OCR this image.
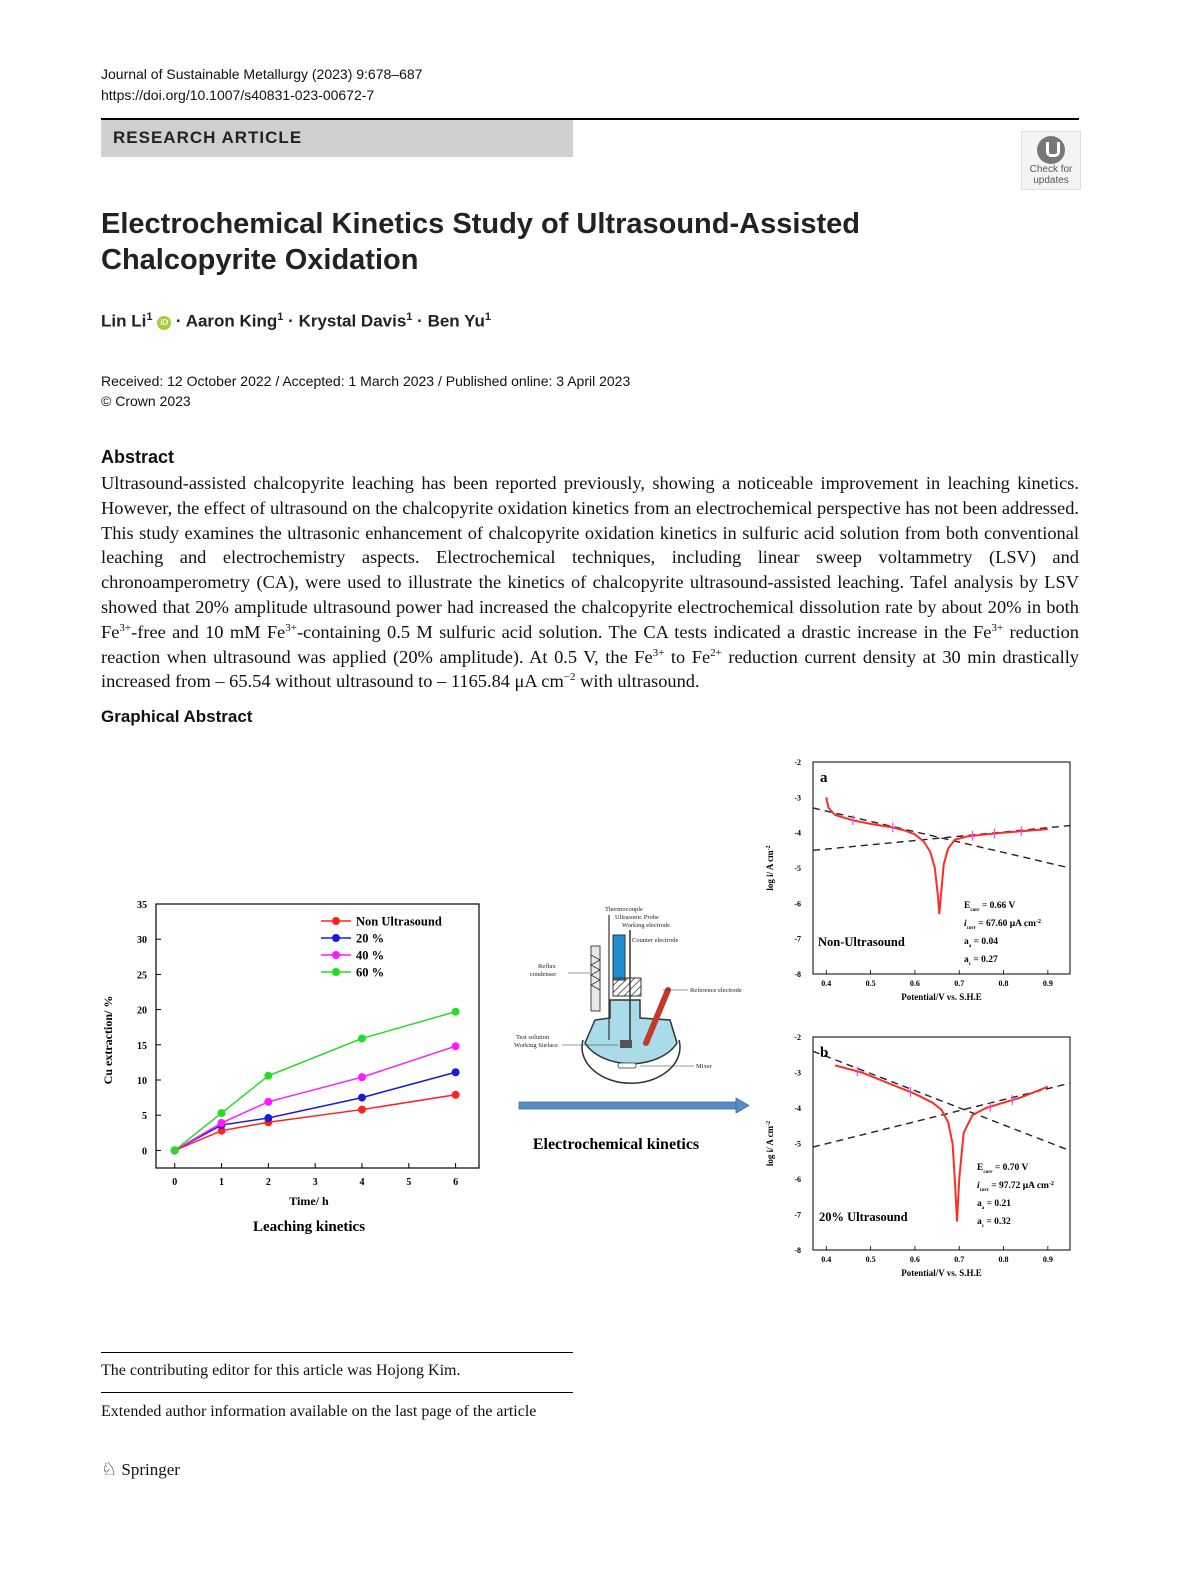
Journal of Sustainable Metallurgy (2023) 9:678–687
https://doi.org/10.1007/s40831-023-00672-7
RESEARCH ARTICLE
Check for
updates
Electrochemical Kinetics Study of Ultrasound-Assisted Chalcopyrite Oxidation
Lin Li$^1$ iD · Aaron King$^1$ · Krystal Davis$^1$ · Ben Yu$^1$
Received: 12 October 2022 / Accepted: 1 March 2023 / Published online: 3 April 2023
© Crown 2023
Abstract
Ultrasound-assisted chalcopyrite leaching has been reported previously, showing a noticeable improvement in leaching kinetics. However, the effect of ultrasound on the chalcopyrite oxidation kinetics from an electrochemical perspective has not been addressed. This study examines the ultrasonic enhancement of chalcopyrite oxidation kinetics in sulfuric acid solution from both conventional leaching and electrochemistry aspects. Electrochemical techniques, including linear sweep voltammetry (LSV) and chronoamperometry (CA), were used to illustrate the kinetics of chalcopyrite ultrasound-assisted leaching. Tafel analysis by LSV showed that 20% amplitude ultrasound power had increased the chalcopyrite electrochemical dissolution rate by about 20% in both $Fe^{3+}$-free and 10 mM $Fe^{3+}$-containing 0.5 M sulfuric acid solution. The CA tests indicated a drastic increase in the $Fe^{3+}$ reduction reaction when ultrasound was applied (20% amplitude). At 0.5 V, the $Fe^{3+}$ to $Fe^{2+}$ reduction current density at 30 min drastically increased from – 65.54 without ultrasound to – 1165.84 μA $cm^{-2}$ with ultrasound.
Graphical Abstract
0	1	2	3	4	5	6
0
5
10
15
20
25
30
35
Non Ultrasound
20 %
40 %
60 %
Cu extraction/ %
Time/ h
Leaching kinetics
Thermocouple
Ultrasonic Probe
Working electrode
Counter electrode
Reflux
condenser
Reference electrode
Test solution
Working Surface
Mixer
Electrochemical kinetics
0.4	0.5	0.6	0.7	0.8	0.9
-2
-3
-4
-5
-6
-7
-8
Potential/V vs. S.H.E
log i/ A $cm^{-2}$
a
$E_{corr} = 0.66$ V
$i_{corr} = 67.60$ μA $cm^{-2}$
$a_a = 0.04$
$a_c = 0.27$
Non-Ultrasound
0.4	0.5	0.6	0.7	0.8	0.9
-2
-3
-4
-5
-6
-7
-8
Potential/V vs. S.H.E
log i/ A $cm^{-2}$
b
$E_{corr} = 0.70$ V
$i_{corr} = 97.72$ μA $cm^{-2}$
$a_a = 0.21$
$a_c = 0.32$
20% Ultrasound
The contributing editor for this article was Hojong Kim.
Extended author information available on the last page of the article
♘ Springer
